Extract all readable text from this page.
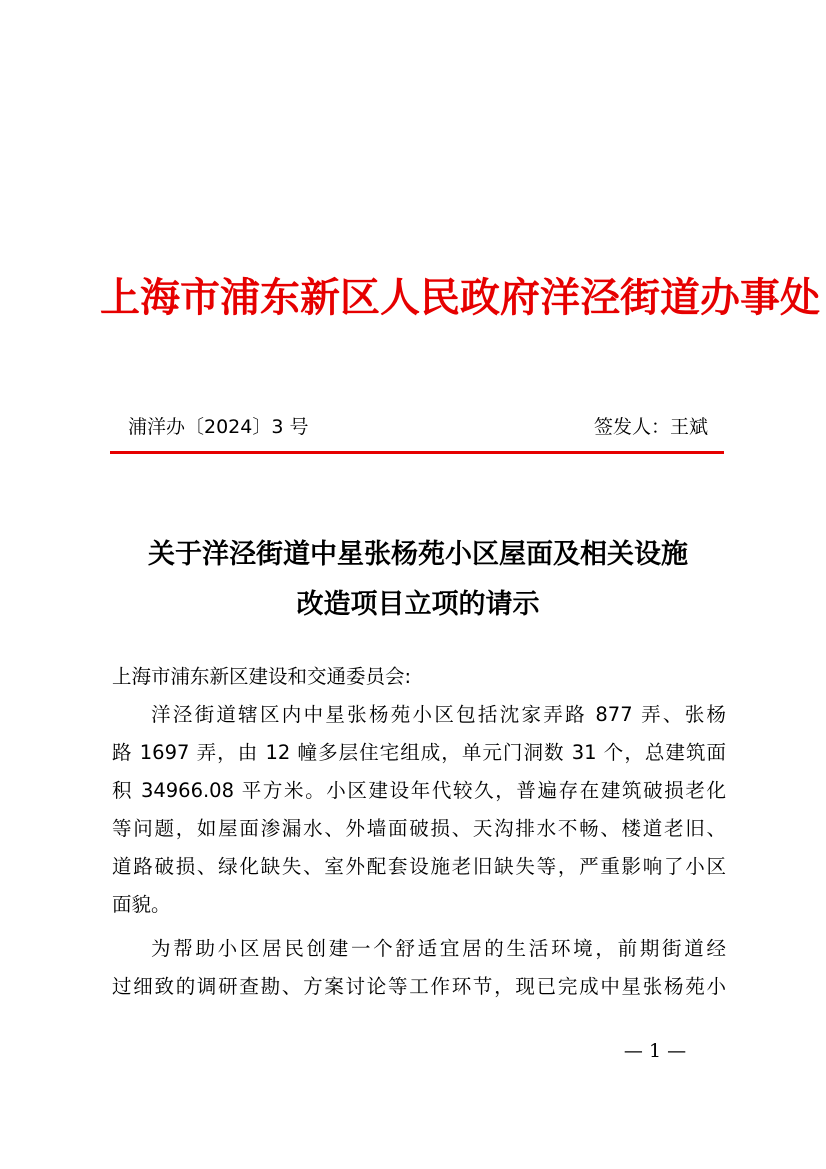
上海市浦东新区人民政府洋泾街道办事处
浦洋办〔2024〕3 号	签发人：王斌
关于洋泾街道中星张杨苑小区屋面及相关设施
改造项目立项的请示
上海市浦东新区建设和交通委员会:
洋泾街道辖区内中星张杨苑小区包括沈家弄路 877 弄、张杨
路 1697 弄，由 12 幢多层住宅组成，单元门洞数 31 个，总建筑面
积 34966.08 平方米。小区建设年代较久，普遍存在建筑破损老化
等问题，如屋面渗漏水、外墙面破损、天沟排水不畅、楼道老旧、
道路破损、绿化缺失、室外配套设施老旧缺失等，严重影响了小区
面貌。
为帮助小区居民创建一个舒适宜居的生活环境，前期街道经
过细致的调研查勘、方案讨论等工作环节，现已完成中星张杨苑小
— 1 —
